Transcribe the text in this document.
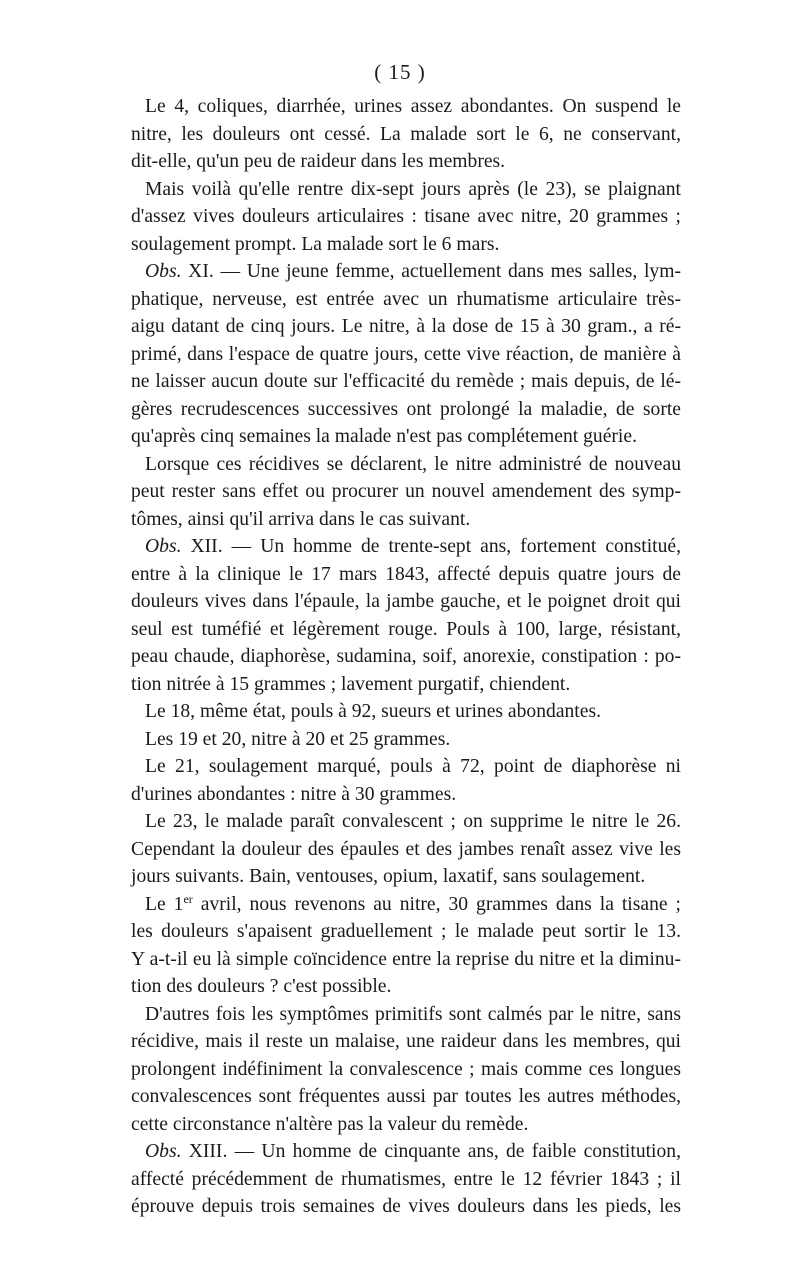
( 15 )
Le 4, coliques, diarrhée, urines assez abondantes. On suspend le
nitre, les douleurs ont cessé. La malade sort le 6, ne conservant,
dit-elle, qu'un peu de raideur dans les membres.
Mais voilà qu'elle rentre dix-sept jours après (le 23), se plaignant
d'assez vives douleurs articulaires : tisane avec nitre, 20 grammes ;
soulagement prompt. La malade sort le 6 mars.
Obs. XI. — Une jeune femme, actuellement dans mes salles, lym-
phatique, nerveuse, est entrée avec un rhumatisme articulaire très-
aigu datant de cinq jours. Le nitre, à la dose de 15 à 30 gram., a ré-
primé, dans l'espace de quatre jours, cette vive réaction, de manière à
ne laisser aucun doute sur l'efficacité du remède ; mais depuis, de lé-
gères recrudescences successives ont prolongé la maladie, de sorte
qu'après cinq semaines la malade n'est pas complétement guérie.
Lorsque ces récidives se déclarent, le nitre administré de nouveau
peut rester sans effet ou procurer un nouvel amendement des symp-
tômes, ainsi qu'il arriva dans le cas suivant.
Obs. XII. — Un homme de trente-sept ans, fortement constitué,
entre à la clinique le 17 mars 1843, affecté depuis quatre jours de
douleurs vives dans l'épaule, la jambe gauche, et le poignet droit qui
seul est tuméfié et légèrement rouge. Pouls à 100, large, résistant,
peau chaude, diaphorèse, sudamina, soif, anorexie, constipation : po-
tion nitrée à 15 grammes ; lavement purgatif, chiendent.
Le 18, même état, pouls à 92, sueurs et urines abondantes.
Les 19 et 20, nitre à 20 et 25 grammes.
Le 21, soulagement marqué, pouls à 72, point de diaphorèse ni
d'urines abondantes : nitre à 30 grammes.
Le 23, le malade paraît convalescent ; on supprime le nitre le 26.
Cependant la douleur des épaules et des jambes renaît assez vive les
jours suivants. Bain, ventouses, opium, laxatif, sans soulagement.
Le 1er avril, nous revenons au nitre, 30 grammes dans la tisane ;
les douleurs s'apaisent graduellement ; le malade peut sortir le 13.
Y a-t-il eu là simple coïncidence entre la reprise du nitre et la diminu-
tion des douleurs ? c'est possible.
D'autres fois les symptômes primitifs sont calmés par le nitre, sans
récidive, mais il reste un malaise, une raideur dans les membres, qui
prolongent indéfiniment la convalescence ; mais comme ces longues
convalescences sont fréquentes aussi par toutes les autres méthodes,
cette circonstance n'altère pas la valeur du remède.
Obs. XIII. — Un homme de cinquante ans, de faible constitution,
affecté précédemment de rhumatismes, entre le 12 février 1843 ; il
éprouve depuis trois semaines de vives douleurs dans les pieds, les
